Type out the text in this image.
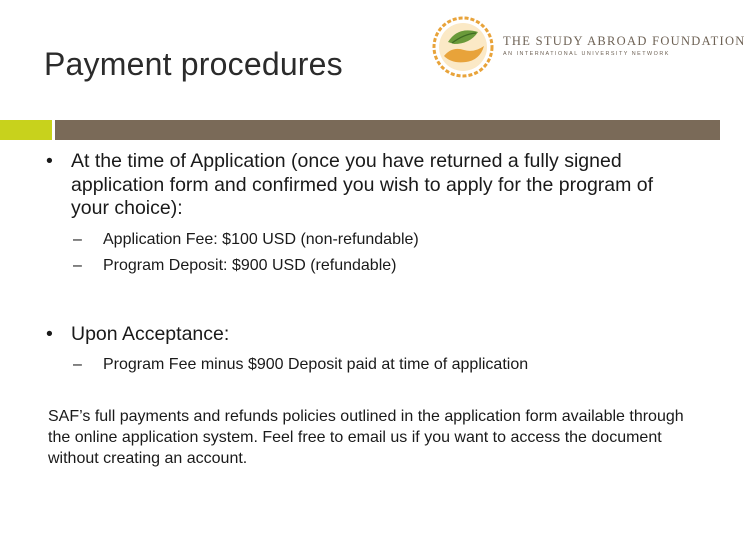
Payment procedures
THE STUDY ABROAD FOUNDATION
AN INTERNATIONAL UNIVERSITY NETWORK
• At the time of Application (once you have returned a fully signed application form and confirmed you wish to apply for the program of your choice):
– Application Fee: $100 USD (non-refundable)
– Program Deposit: $900 USD (refundable)
• Upon Acceptance:
– Program Fee minus $900 Deposit paid at time of application

SAF’s full payments and refunds policies outlined in the application form available through the online application system. Feel free to email us if you want to access the document without creating an account.
